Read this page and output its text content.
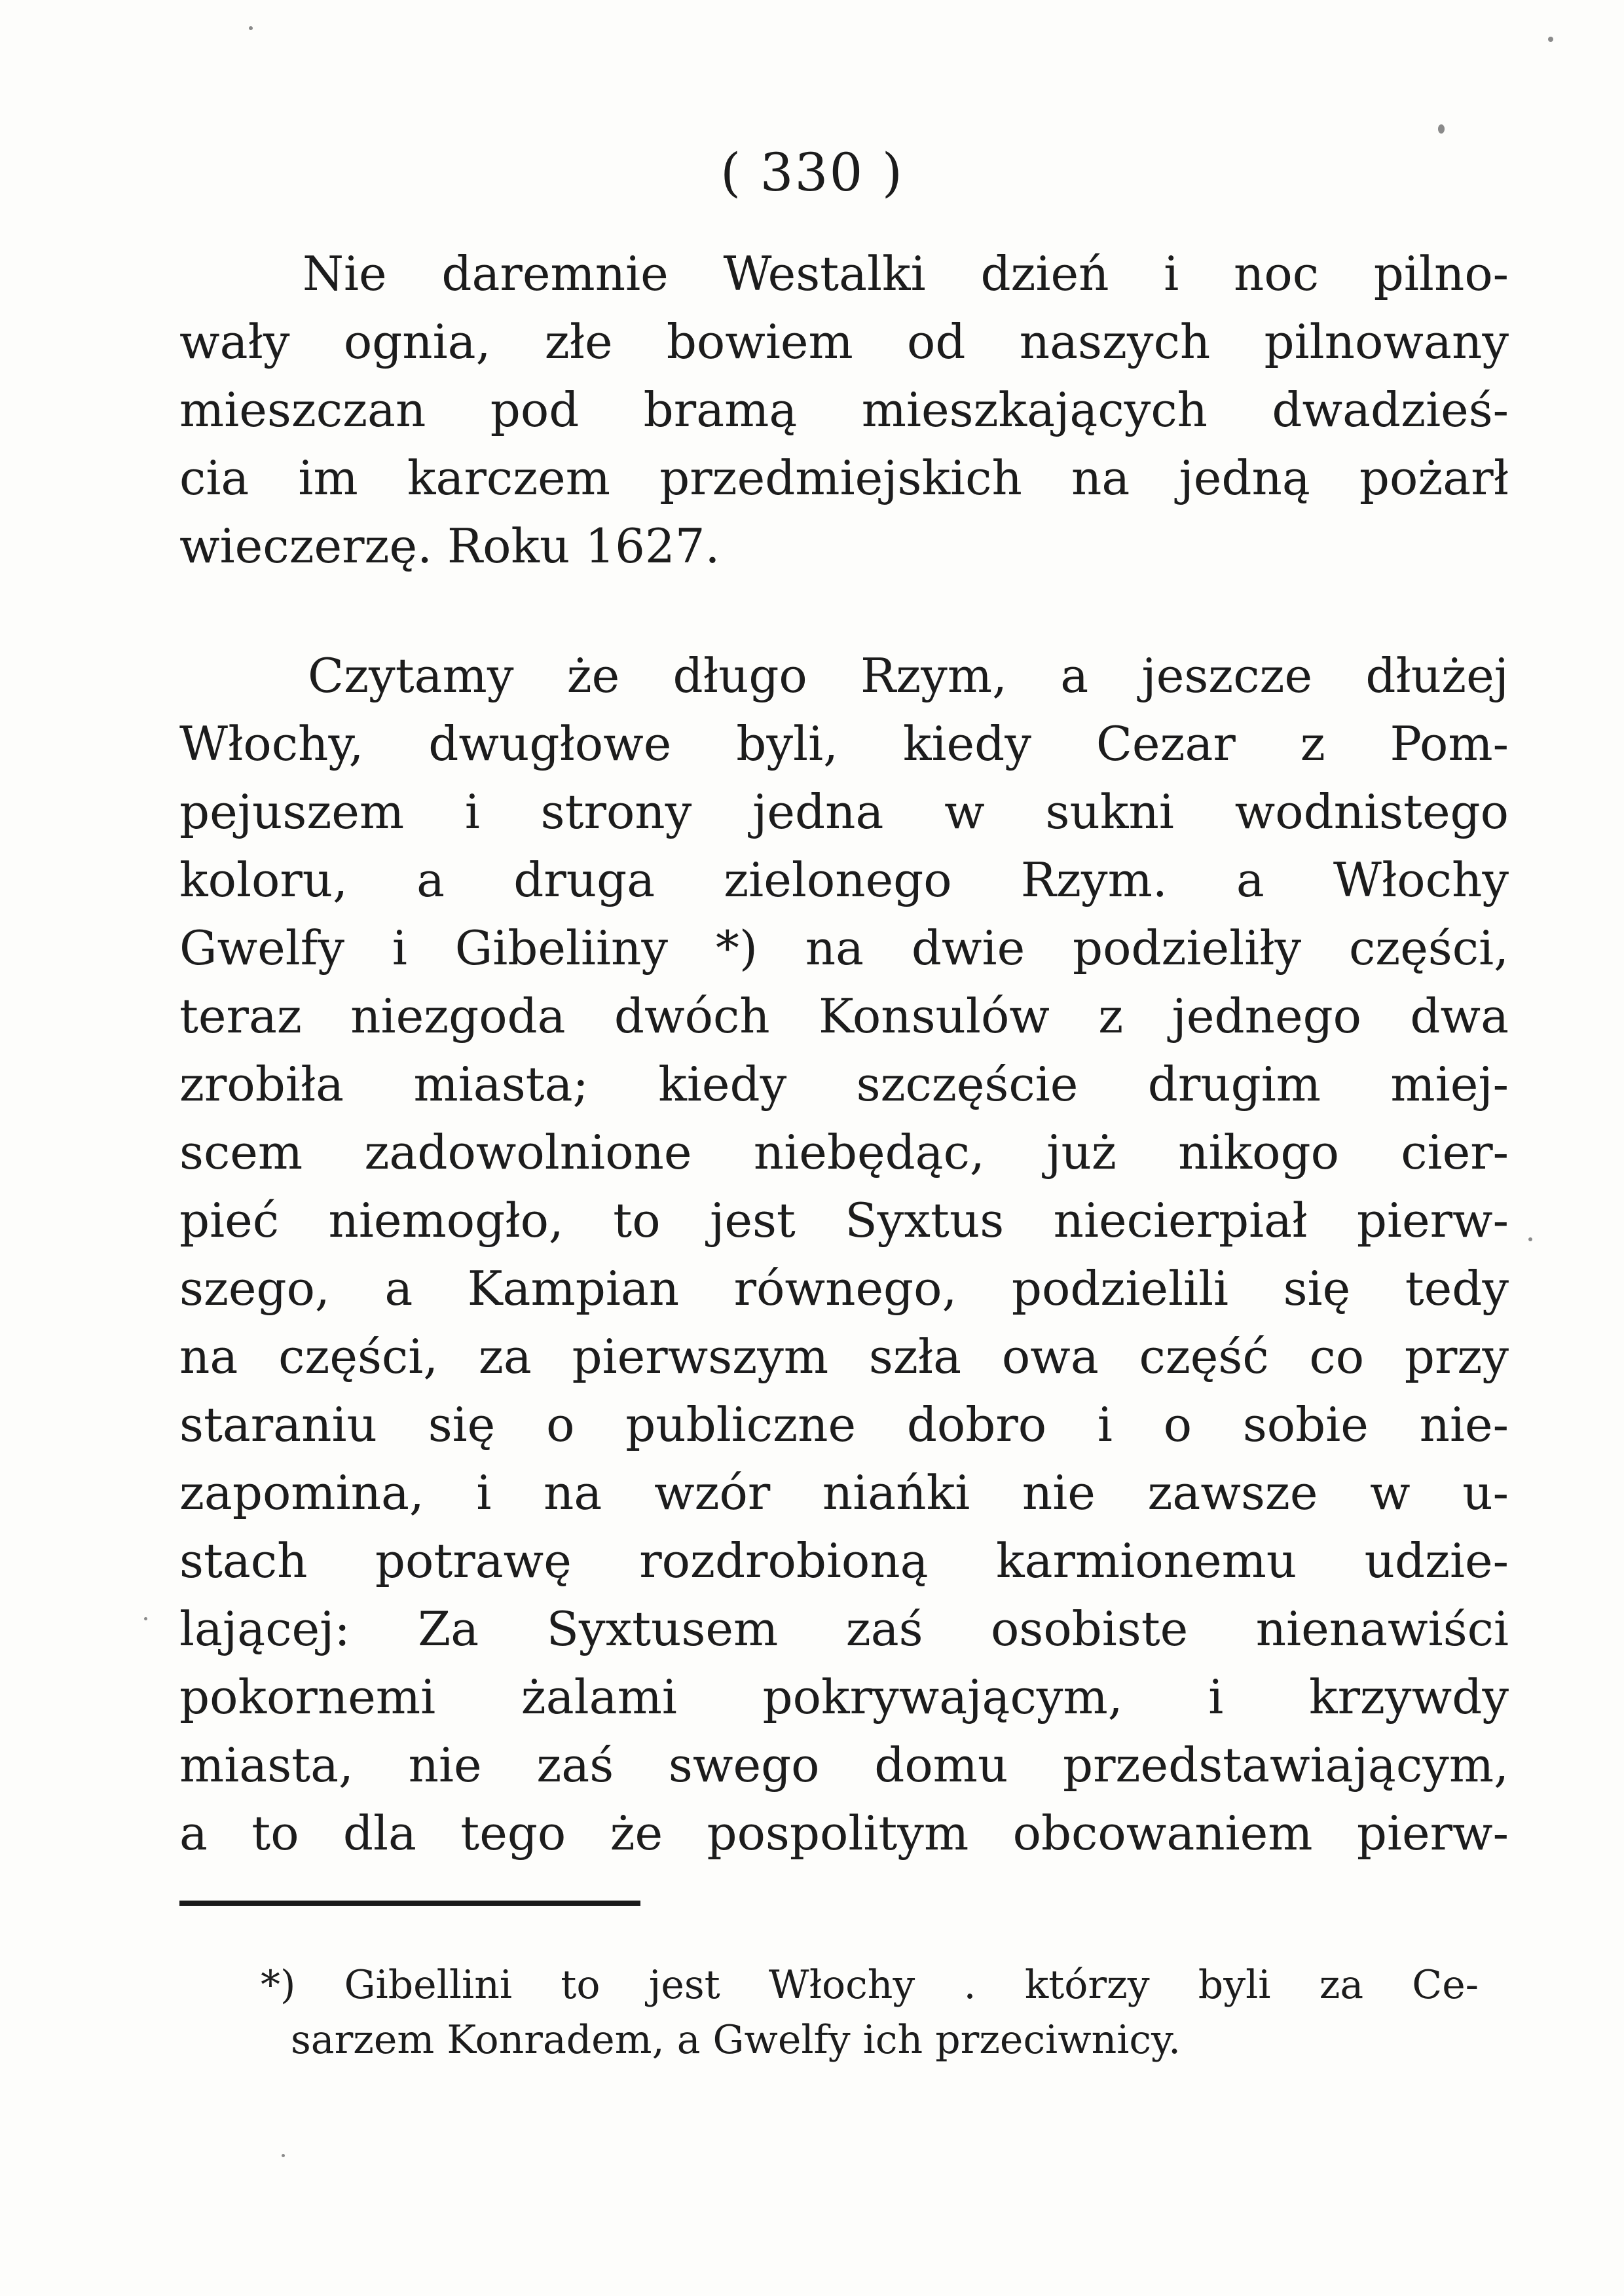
( 330 )
Nie daremnie Westalki dzień i noc pilno-
wały ognia, złe bowiem od naszych pilnowany
mieszczan pod bramą mieszkających dwadzieś-
cia im karczem przedmiejskich na jedną pożarł
wieczerzę. Roku 1627.
Czytamy że długo Rzym, a jeszcze dłużej
Włochy, dwugłowe byli, kiedy Cezar z Pom-
pejuszem i strony jedna w sukni wodnistego
koloru, a druga zielonego Rzym. a Włochy
Gwelfy i Gibeliiny *) na dwie podzieliły części,
teraz niezgoda dwóch Konsulów z jednego dwa
zrobiła miasta; kiedy szczęście drugim miej-
scem zadowolnione niebędąc, już nikogo cier-
pieć niemogło, to jest Syxtus niecierpiał pierw-
szego, a Kampian równego, podzielili się tedy
na części, za pierwszym szła owa część co przy
staraniu się o publiczne dobro i o sobie nie-
zapomina, i na wzór niańki nie zawsze w u-
stach potrawę rozdrobioną karmionemu udzie-
lającej: Za Syxtusem zaś osobiste nienawiści
pokornemi żalami pokrywającym, i krzywdy
miasta, nie zaś swego domu przedstawiającym,
a to dla tego że pospolitym obcowaniem pierw-
*) Gibellini to jest Włochy . którzy byli za Ce-
sarzem Konradem, a Gwelfy ich przeciwnicy.
